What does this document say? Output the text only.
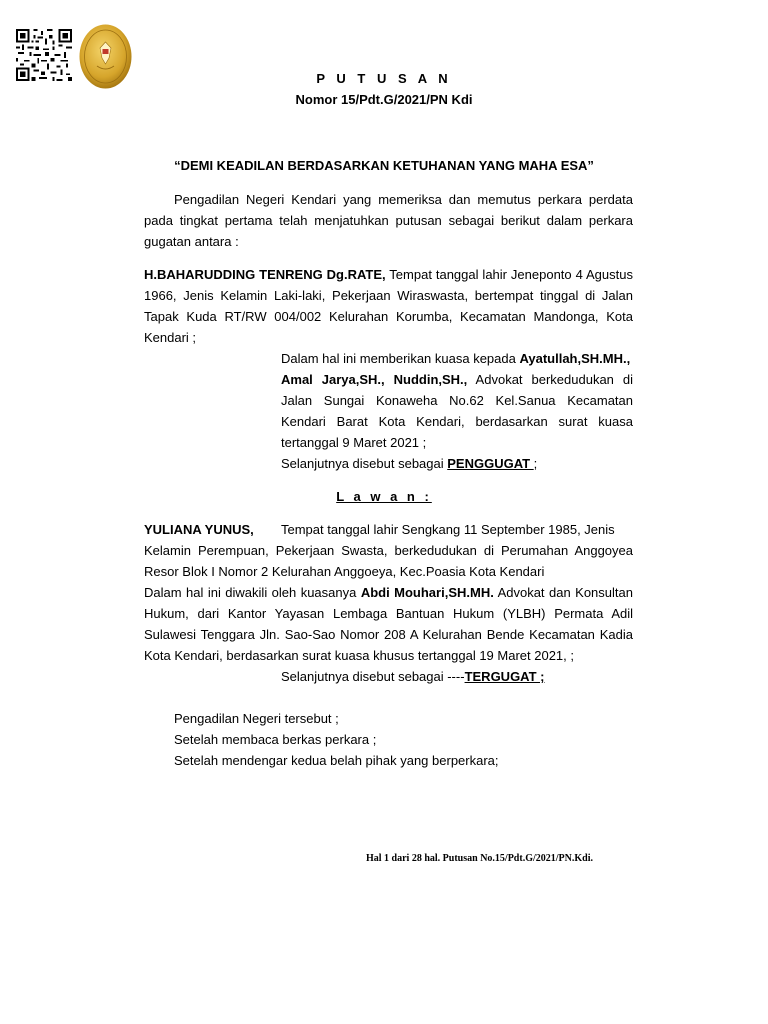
P U T U S A N

Nomor 15/Pdt.G/2021/PN Kdi

“DEMI KEADILAN BERDASARKAN KETUHANAN YANG MAHA ESA”

Pengadilan Negeri Kendari yang memeriksa dan memutus perkara perdata
pada tingkat pertama telah menjatuhkan putusan sebagai berikut dalam perkara
gugatan antara :
H.BAHARUDDING TENRENG Dg.RATE, Tempat tanggal lahir Jeneponto 4 Agustus
1966, Jenis Kelamin Laki-laki, Pekerjaan Wiraswasta, bertempat tinggal di Jalan
Tapak Kuda RT/RW 004/002 Kelurahan Korumba, Kecamatan Mandonga, Kota
Kendari ;
Dalam hal ini memberikan kuasa kepada Ayatullah,SH.MH.,
Amal Jarya,SH., Nuddin,SH., Advokat berkedudukan di
Jalan Sungai Konaweha No.62 Kel.Sanua Kecamatan
Kendari Barat Kota Kendari, berdasarkan surat kuasa
tertanggal 9 Maret 2021 ;
Selanjutnya disebut sebagai PENGGUGAT ;
L a w a n :
YULIANA YUNUS, Tempat tanggal lahir Sengkang 11 September 1985, Jenis
Kelamin Perempuan, Pekerjaan Swasta, berkedudukan di Perumahan Anggoyea
Resor Blok I Nomor 2 Kelurahan Anggoeya, Kec.Poasia Kota Kendari
Dalam hal ini diwakili oleh kuasanya Abdi Mouhari,SH.MH. Advokat dan Konsultan
Hukum, dari Kantor Yayasan Lembaga Bantuan Hukum (YLBH) Permata Adil
Sulawesi Tenggara Jln. Sao-Sao Nomor 208 A Kelurahan Bende Kecamatan Kadia
Kota Kendari, berdasarkan surat kuasa khusus tertanggal 19 Maret 2021, ;
Selanjutnya disebut sebagai ----TERGUGAT ;
Pengadilan Negeri tersebut ;
Setelah membaca berkas perkara ;
Setelah mendengar kedua belah pihak yang berperkara;
Hal 1 dari 28 hal. Putusan No.15/Pdt.G/2021/PN.Kdi.
